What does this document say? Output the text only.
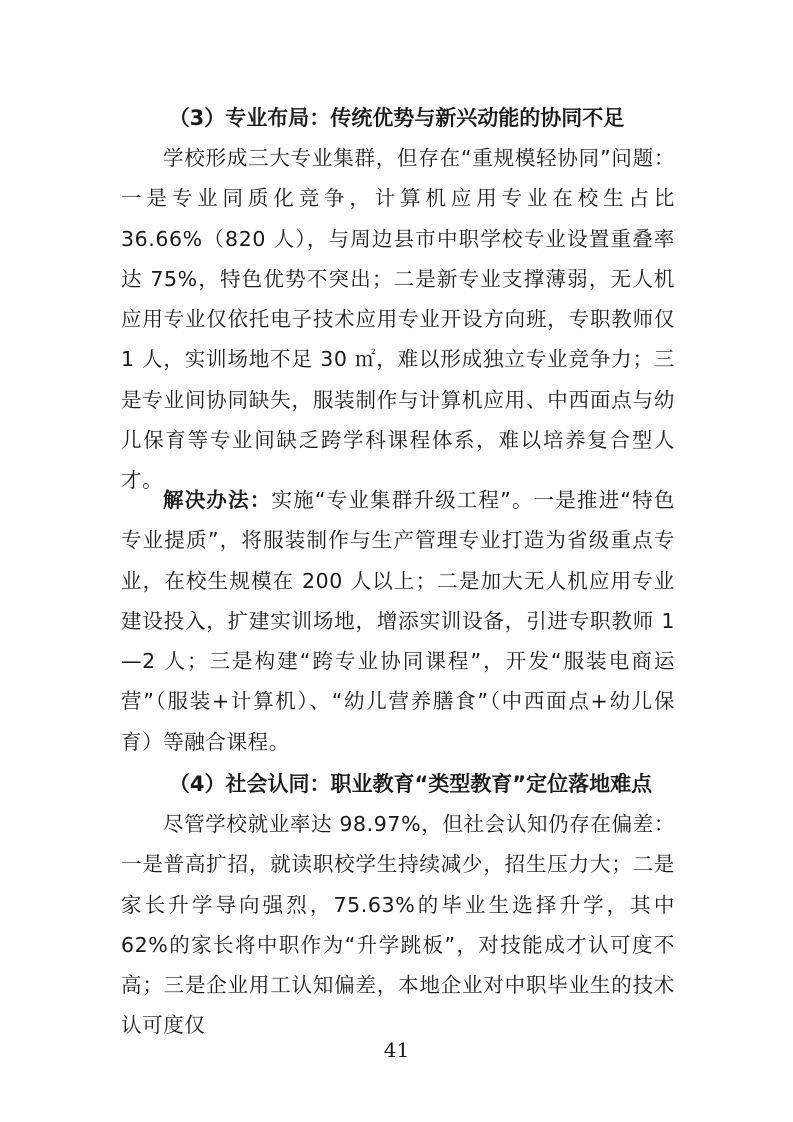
（3）专业布局：传统优势与新兴动能的协同不足

学校形成三大专业集群，但存在“重规模轻协同”问题：一是专业同质化竞争，计算机应用专业在校生占比 36.66%（820 人），与周边县市中职学校专业设置重叠率达 75%，特色优势不突出；二是新专业支撑薄弱，无人机应用专业仅依托电子技术应用专业开设方向班，专职教师仅 1 人，实训场地不足 30 ㎡，难以形成独立专业竞争力；三是专业间协同缺失，服装制作与计算机应用、中西面点与幼儿保育等专业间缺乏跨学科课程体系，难以培养复合型人才。

解决办法：实施“专业集群升级工程”。一是推进“特色专业提质”，将服装制作与生产管理专业打造为省级重点专业，在校生规模在 200 人以上；二是加大无人机应用专业建设投入，扩建实训场地，增添实训设备，引进专职教师 1—2 人；三是构建“跨专业协同课程”，开发“服装电商运营”（服装+计算机）、“幼儿营养膳食”（中西面点+幼儿保育）等融合课程。

（4）社会认同：职业教育“类型教育”定位落地难点

尽管学校就业率达 98.97%，但社会认知仍存在偏差：一是普高扩招，就读职校学生持续减少，招生压力大；二是家长升学导向强烈，75.63%的毕业生选择升学，其中 62%的家长将中职作为“升学跳板”，对技能成才认可度不高；三是企业用工认知偏差，本地企业对中职毕业生的技术认可度仅

41
